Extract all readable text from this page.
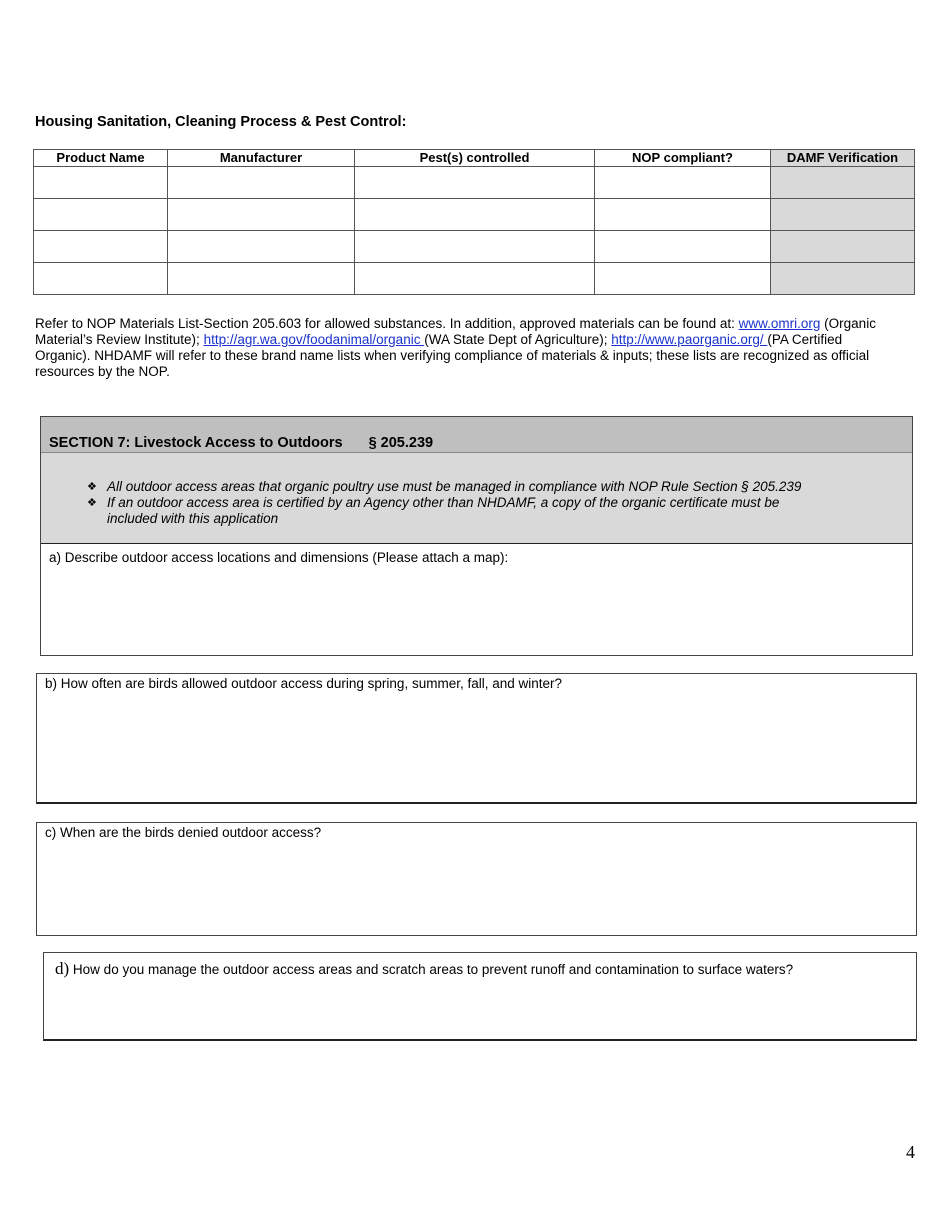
Housing Sanitation, Cleaning Process & Pest Control:
Product Name	Manufacturer	Pest(s) controlled	NOP compliant?	DAMF Verification

Refer to NOP Materials List-Section 205.603 for allowed substances. In addition, approved materials can be found at: www.omri.org (Organic Material’s Review Institute); http://agr.wa.gov/foodanimal/organic (WA State Dept of Agriculture); http://www.paorganic.org/ (PA Certified Organic). NHDAMF will refer to these brand name lists when verifying compliance of materials & inputs; these lists are recognized as official resources by the NOP.
SECTION 7: Livestock Access to Outdoors § 205.239
❖ All outdoor access areas that organic poultry use must be managed in compliance with NOP Rule Section § 205.239
❖ If an outdoor access area is certified by an Agency other than NHDAMF, a copy of the organic certificate must be included with this application
a) Describe outdoor access locations and dimensions (Please attach a map):
b) How often are birds allowed outdoor access during spring, summer, fall, and winter?
c) When are the birds denied outdoor access?
d) How do you manage the outdoor access areas and scratch areas to prevent runoff and contamination to surface waters?
4
